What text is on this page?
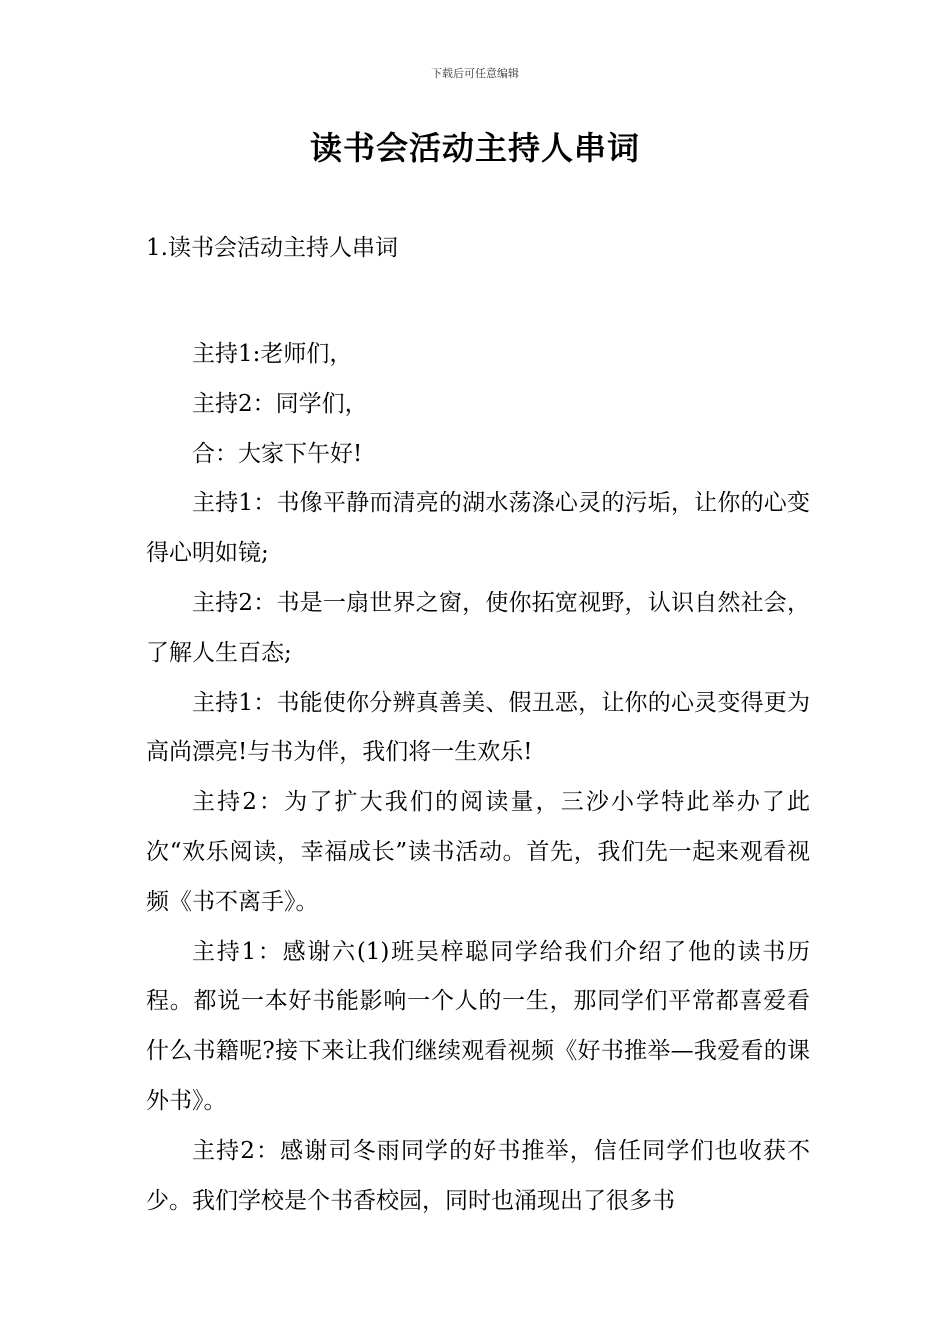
下载后可任意编辑
读书会活动主持人串词
1.读书会活动主持人串词

主持1:老师们，

主持2：同学们，

合：大家下午好!

主持1：书像平静而清亮的湖水荡涤心灵的污垢，让你的心变得心明如镜;

主持2：书是一扇世界之窗，使你拓宽视野，认识自然社会，了解人生百态;

主持1：书能使你分辨真善美、假丑恶，让你的心灵变得更为高尚漂亮!与书为伴，我们将一生欢乐!

主持2：为了扩大我们的阅读量，三沙小学特此举办了此次“欢乐阅读，幸福成长”读书活动。首先，我们先一起来观看视频《书不离手》。

主持1：感谢六(1)班吴梓聪同学给我们介绍了他的读书历程。都说一本好书能影响一个人的一生，那同学们平常都喜爱看什么书籍呢?接下来让我们继续观看视频《好书推举—我爱看的课外书》。

主持2：感谢司冬雨同学的好书推举，信任同学们也收获不少。我们学校是个书香校园，同时也涌现出了很多书
